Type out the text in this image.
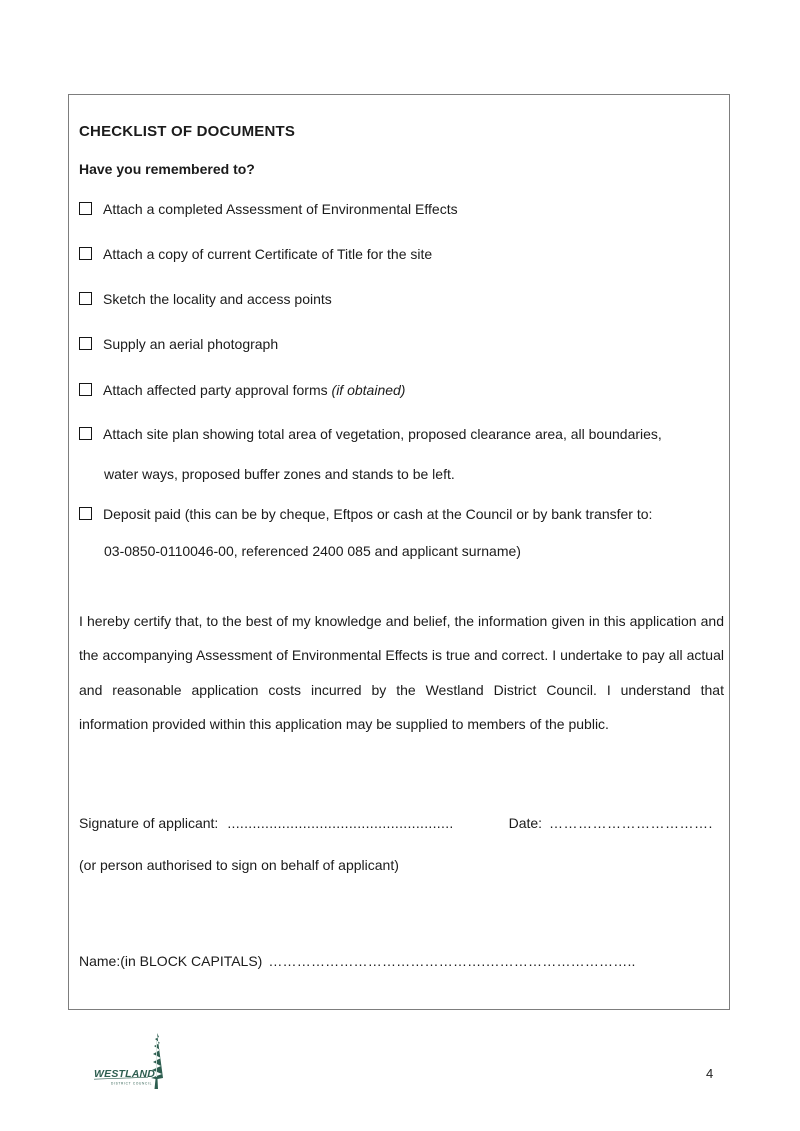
CHECKLIST OF DOCUMENTS
Have you remembered to?
Attach a completed Assessment of Environmental Effects
Attach a copy of current Certificate of Title for the site
Sketch the locality and access points
Supply an aerial photograph
Attach affected party approval forms (if obtained)
Attach site plan showing total area of vegetation, proposed clearance area, all boundaries,
water ways, proposed buffer zones and stands to be left.
Deposit paid (this can be by cheque, Eftpos or cash at the Council or by bank transfer to:
03-0850-0110046-00, referenced 2400 085 and applicant surname)
I hereby certify that, to the best of my knowledge and belief, the information given in this application and the accompanying Assessment of Environmental Effects is true and correct. I undertake to pay all actual and reasonable application costs incurred by the Westland District Council. I understand that information provided within this application may be supplied to members of the public.
Signature of applicant: ......................................................	Date: …………………………….
(or person authorised to sign on behalf of applicant)
Name:(in BLOCK CAPITALS) ……………………………………….…………………………..
WESTLAND
DISTRICT COUNCIL
4
